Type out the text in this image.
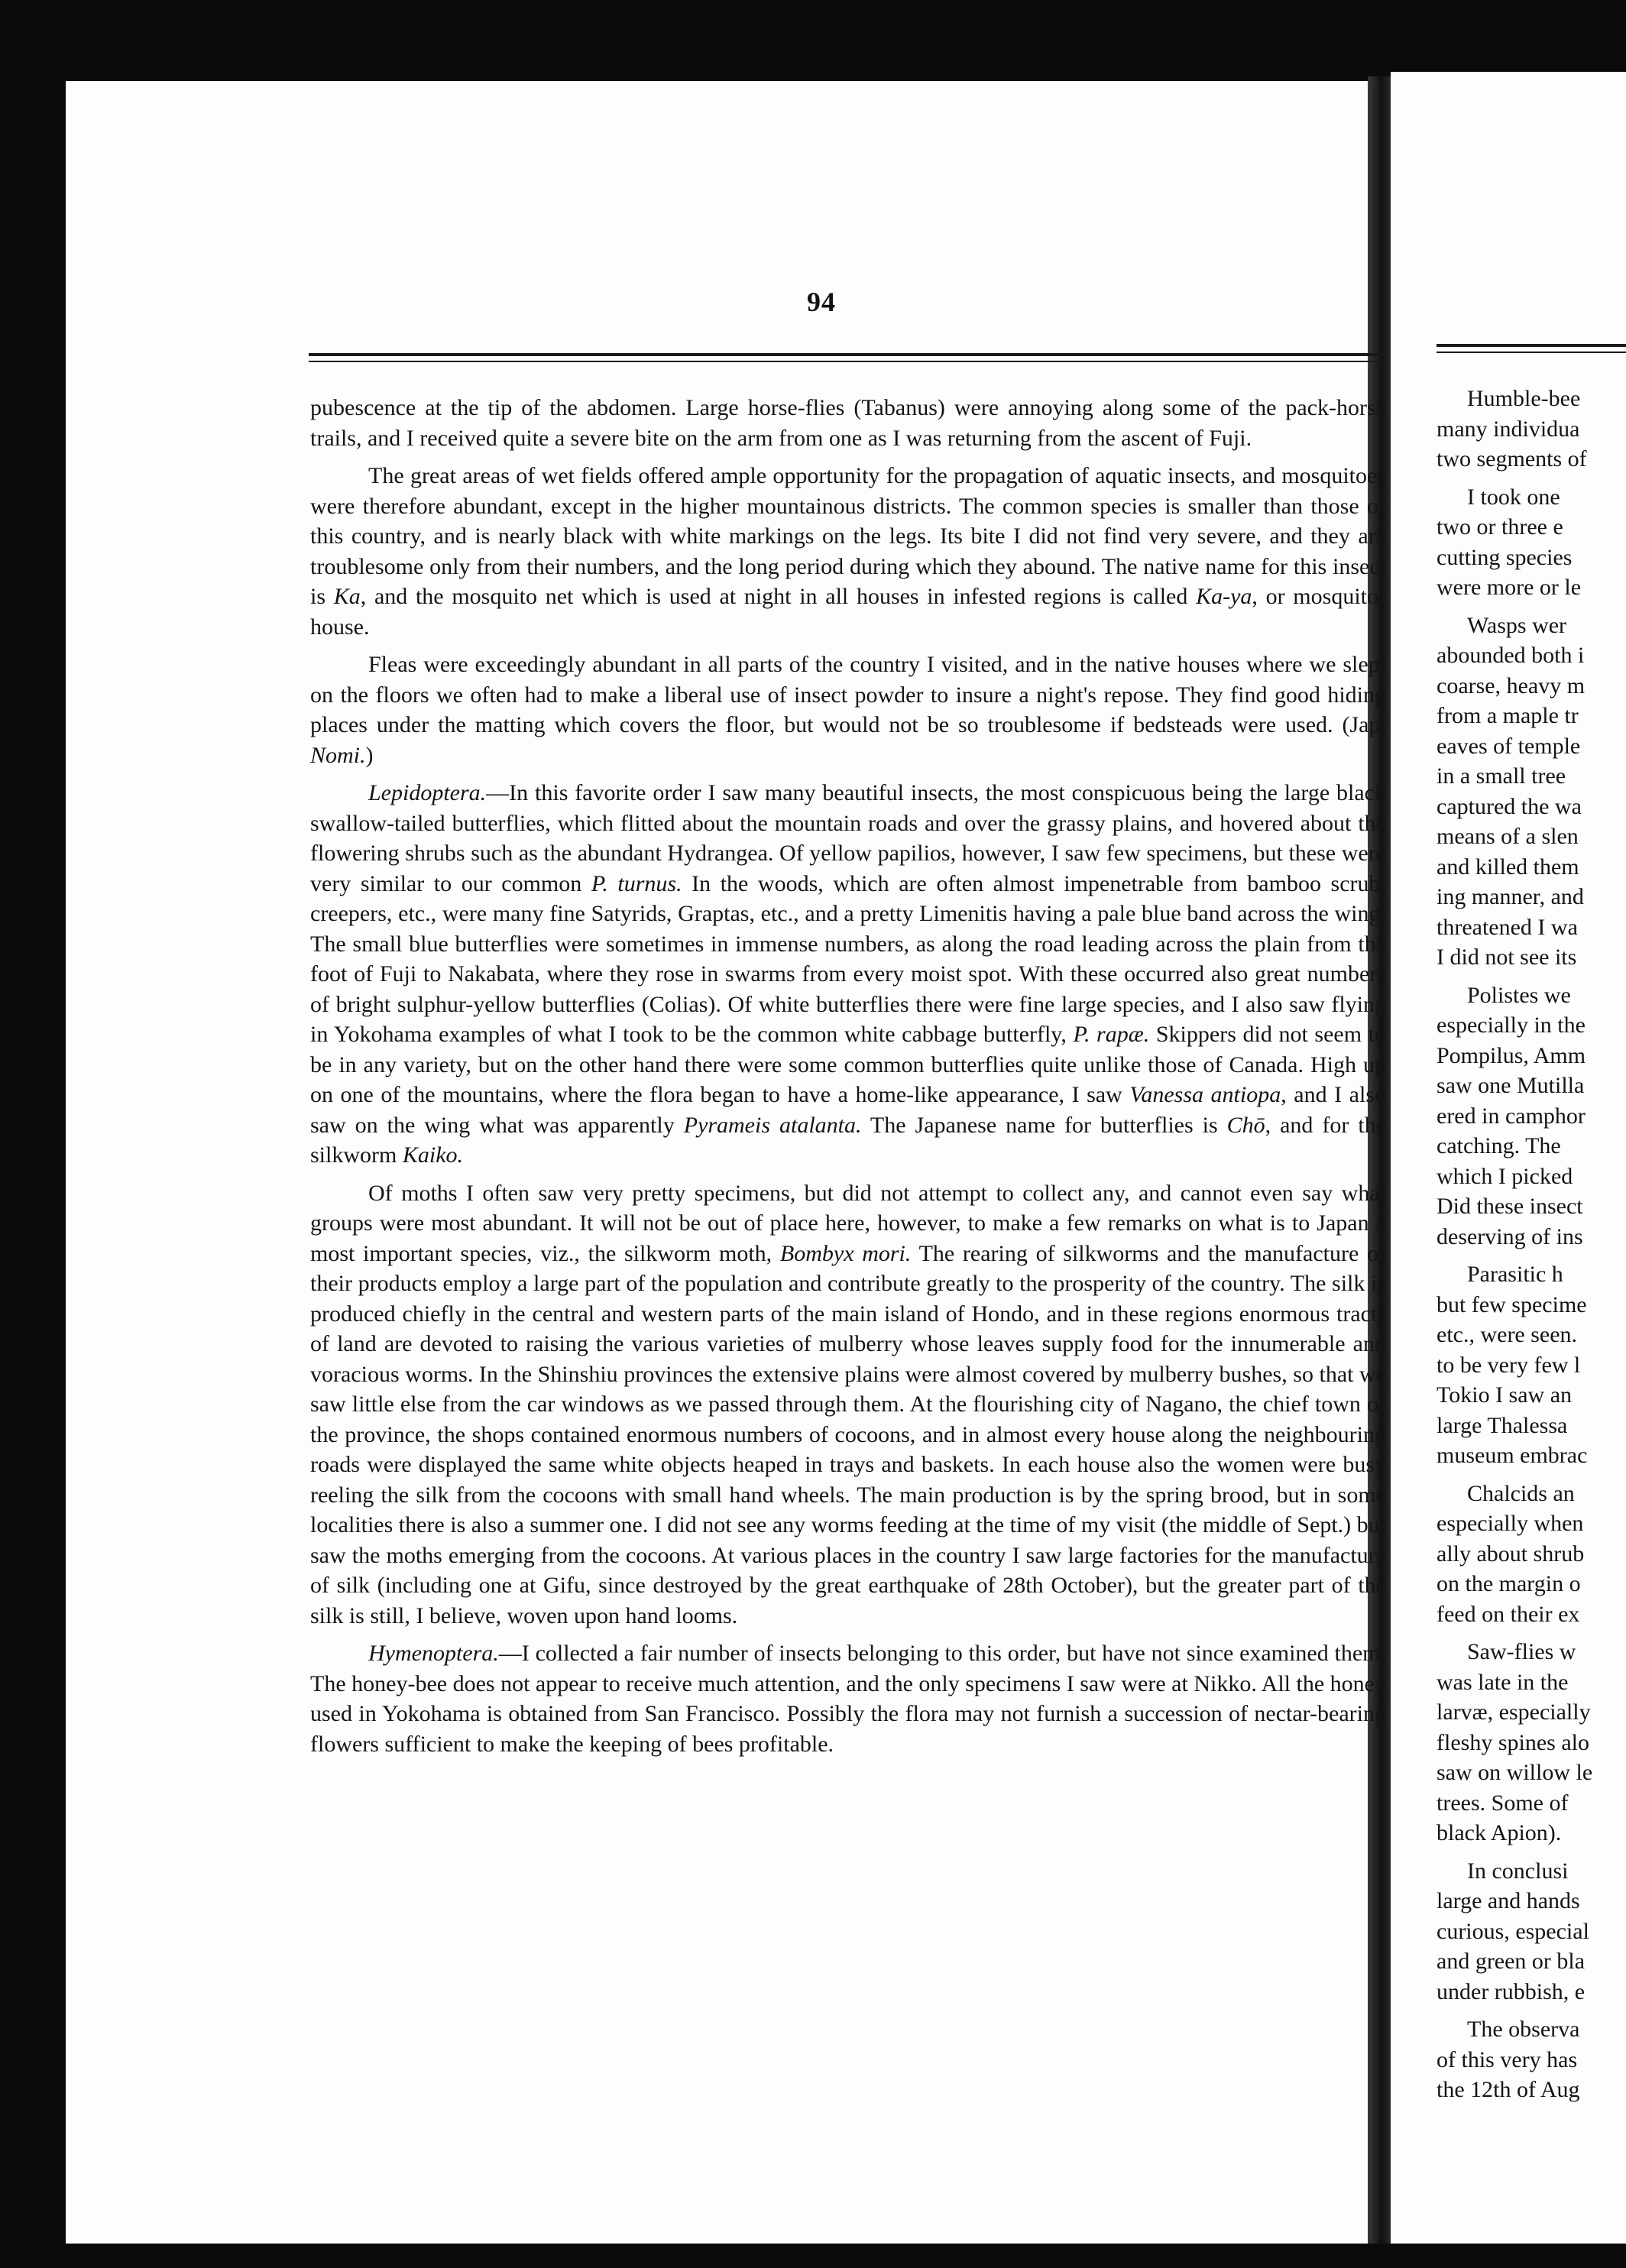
94

pubescence at the tip of the abdomen. Large horse-flies (Tabanus) were annoying along some of the pack-horse trails, and I received quite a severe bite on the arm from one as I was returning from the ascent of Fuji.

The great areas of wet fields offered ample opportunity for the propagation of aquatic insects, and mosquitoes were therefore abundant, except in the higher mountainous districts. The common species is smaller than those of this country, and is nearly black with white markings on the legs. Its bite I did not find very severe, and they are troublesome only from their numbers, and the long period during which they abound. The native name for this insect is Ka, and the mosquito net which is used at night in all houses in infested regions is called Ka-ya, or mosquito-house.

Fleas were exceedingly abundant in all parts of the country I visited, and in the native houses where we slept on the floors we often had to make a liberal use of insect powder to insure a night's repose. They find good hiding places under the matting which covers the floor, but would not be so troublesome if bedsteads were used. (Jap. Nomi.)

Lepidoptera.—In this favorite order I saw many beautiful insects, the most conspicuous being the large black swallow-tailed butterflies, which flitted about the mountain roads and over the grassy plains, and hovered about the flowering shrubs such as the abundant Hydrangea. Of yellow papilios, however, I saw few specimens, but these were very similar to our common P. turnus. In the woods, which are often almost impenetrable from bamboo scrub, creepers, etc., were many fine Satyrids, Graptas, etc., and a pretty Limenitis having a pale blue band across the wing. The small blue butterflies were sometimes in immense numbers, as along the road leading across the plain from the foot of Fuji to Nakabata, where they rose in swarms from every moist spot. With these occurred also great numbers of bright sulphur-yellow butterflies (Colias). Of white butterflies there were fine large species, and I also saw flying in Yokohama examples of what I took to be the common white cabbage butterfly, P. rapæ. Skippers did not seem to be in any variety, but on the other hand there were some common butterflies quite unlike those of Canada. High up on one of the mountains, where the flora began to have a home-like appearance, I saw Vanessa antiopa, and I also saw on the wing what was apparently Pyrameis atalanta. The Japanese name for butterflies is Chō, and for the silkworm Kaiko.

Of moths I often saw very pretty specimens, but did not attempt to collect any, and cannot even say what groups were most abundant. It will not be out of place here, however, to make a few remarks on what is to Japan a most important species, viz., the silkworm moth, Bombyx mori. The rearing of silkworms and the manufacture of their products employ a large part of the population and contribute greatly to the prosperity of the country. The silk is produced chiefly in the central and western parts of the main island of Hondo, and in these regions enormous tracts of land are devoted to raising the various varieties of mulberry whose leaves supply food for the innumerable and voracious worms. In the Shinshiu provinces the extensive plains were almost covered by mulberry bushes, so that we saw little else from the car windows as we passed through them. At the flourishing city of Nagano, the chief town of the province, the shops contained enormous numbers of cocoons, and in almost every house along the neighbouring roads were displayed the same white objects heaped in trays and baskets. In each house also the women were busy reeling the silk from the cocoons with small hand wheels. The main production is by the spring brood, but in some localities there is also a summer one. I did not see any worms feeding at the time of my visit (the middle of Sept.) but saw the moths emerging from the cocoons. At various places in the country I saw large factories for the manufacture of silk (including one at Gifu, since destroyed by the great earthquake of 28th October), but the greater part of the silk is still, I believe, woven upon hand looms.

Hymenoptera.—I collected a fair number of insects belonging to this order, but have not since examined them. The honey-bee does not appear to receive much attention, and the only specimens I saw were at Nikko. All the honey used in Yokohama is obtained from San Francisco. Possibly the flora may not furnish a succession of nectar-bearing flowers sufficient to make the keeping of bees profitable.

Humble-bee
many individua
two segments of
I took one
two or three e
cutting species
were more or le
Wasps wer
abounded both i
coarse, heavy m
from a maple tr
eaves of temple
in a small tree
captured the wa
means of a slen
and killed them
ing manner, and
threatened I wa
I did not see its
Polistes we
especially in the
Pompilus, Amm
saw one Mutilla
ered in camphor
catching. The
which I picked
Did these insect
deserving of ins
Parasitic h
but few specime
etc., were seen.
to be very few l
Tokio I saw an
large Thalessa
museum embrac
Chalcids an
especially when
ally about shrub
on the margin o
feed on their ex
Saw-flies w
was late in the
larvæ, especially
fleshy spines alo
saw on willow le
trees. Some of
black Apion).
In conclusi
large and hands
curious, especial
and green or bla
under rubbish, e
The observa
of this very has
the 12th of Aug
